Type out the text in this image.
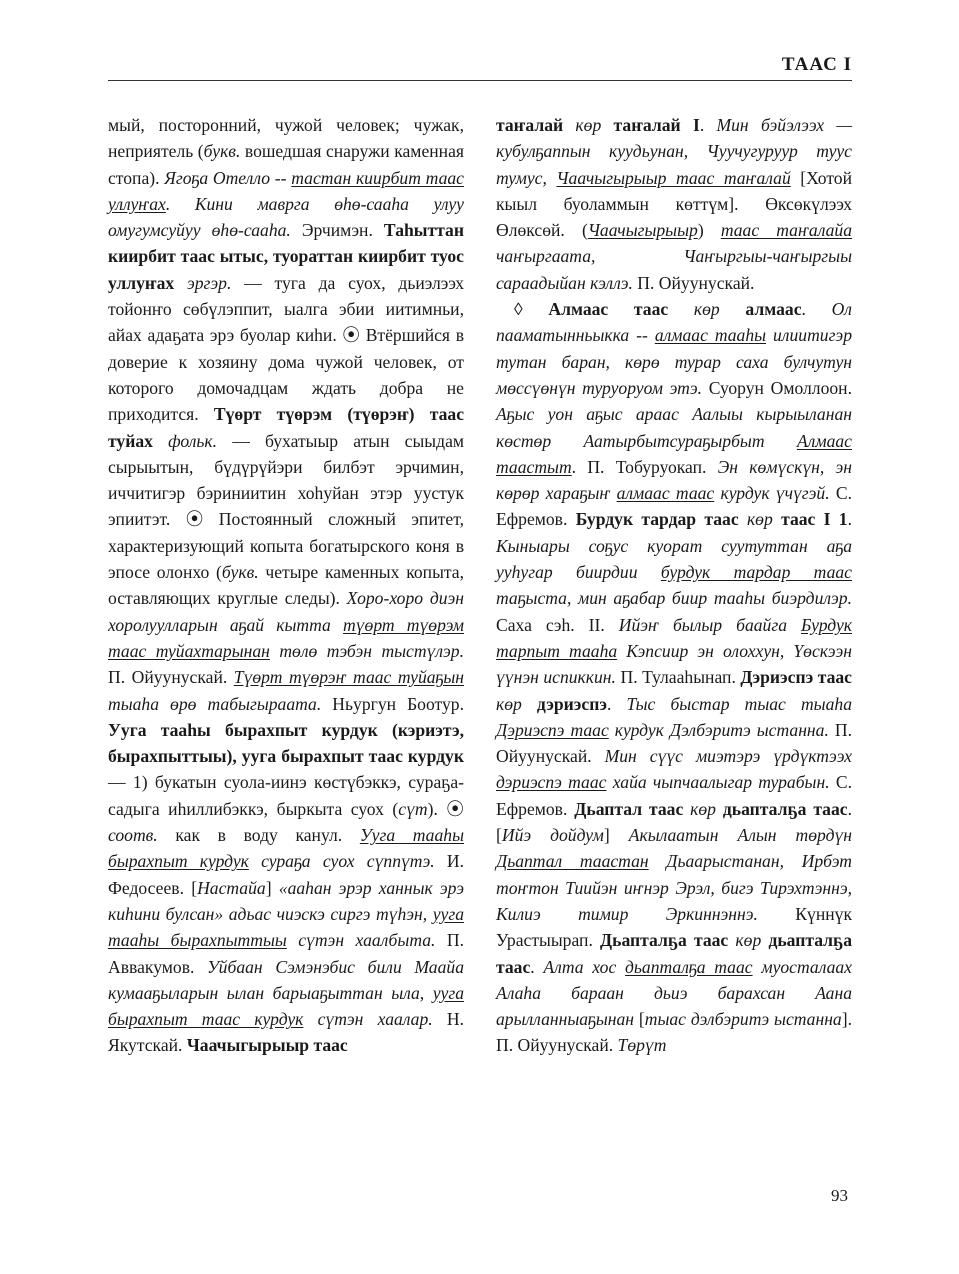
ТААС I

мый, посторонний, чужой человек; чужак, неприятель (букв. вошедшая снаружи каменная стопа). Ягоҕа Отелло -- тастан киирбит таас уллуҥах. Кини маврга өһө-сааһа улуу омугумсуйуу өһө-сааһа. Эрчимэн. Таһыттан киирбит таас ытыс, туораттан киирбит туос уллуҥах эргэр. — туга да суох, дьиэлээх тойонҥо сөбүлэппит, ыалга эбии иитимньи, айах адаҕата эрэ буолар киһи. ⦿ Втёршийся в доверие к хозяину дома чужой человек, от которого домочадцам ждать добра не приходится. Түөрт түөрэм (түөрэҥ) таас туйах фольк. — бухатыыр атын сыыдам сырыытын, бүдүрүйэри билбэт эрчимин, иччитигэр бэриниитин хоһуйан этэр уустук эпиитэт. ⦿ Постоянный сложный эпитет, характеризующий копыта богатырского коня в эпосе олонхо (букв. четыре каменных копыта, оставляющих круглые следы). Хоро-хоро диэн хоролуулларын аҕай кытта түөрт түөрэм таас туйахтарынан төлө тэбэн тыстүлэр. П. Ойуунускай. Түөрт түөрэҥ таас туйаҕын тыаһа өрө табыгыраата. Ньургун Боотур. Ууга тааһы бырахпыт курдук (кэриэтэ, бырахпыттыы), ууга бырахпыт таас курдук — 1) букатын суола-иинэ көстүбэккэ, сураҕа-садыга иһиллибэккэ, быркыта суох (сүт). ⦿ соотв. как в воду канул. Ууга тааһы бырахпыт курдук сураҕа суох сүппүтэ. И. Федосеев. [Настайа] «ааһан эрэр ханнык эрэ киһини булсан» адьас чиэскэ сиргэ түһэн, ууга тааһы бырахпыттыы сүтэн хаалбыта. П. Аввакумов. Уйбаан Сэмэнэбис били Маайа кумааҕыларын ылан барыаҕыттан ыла, ууга бырахпыт таас курдук сүтэн хаалар. Н. Якутскай. Чаачыгырыыр таас

таҥалай көр таҥалай I. Мин бэйэлээх — кубулҕаппын куудьунан, Чуучугуруур туус тумус, Чаачыгырыыр таас таҥалай [Хотой кыыл буоламмын көттүм]. Өксөкүлээх Өлөксөй. (Чаачыгырыыр) таас таҥалайа чаҥыргаата, Чаҥыргыы-чаҥыргыы сараадыйан кэллэ. П. Ойуунускай.

◊ Алмаас таас көр алмаас. Ол пааматынньыкка -- алмаас тааһы илиитигэр тутан баран, көрө турар саха булчутун мөссүөнүн туруоруом этэ. Суорун Омоллоон. Аҕыс уон аҕыс араас Аалыы кырыыланан көстөр Аатырбытсураҕырбыт Алмаас таастыт. П. Тобуруокап. Эн көмүскүн, эн көрөр хараҕыҥ алмаас таас курдук үчүгэй. С. Ефремов. Бурдук тардар таас көр таас I 1. Кыныары соҕус куорат суутуттан аҕа ууһугар биирдии бурдук тардар таас таҕыста, мин аҕабар биир тааһы биэрдилэр. Саха сэһ. II. Ийэҥ былыр баайга Бурдук тарпыт тааһа Кэпсиир эн олоххун, Үөскээн үүнэн испиккин. П. Тулааһынап. Дэриэспэ таас көр дэриэспэ. Тыс быстар тыас тыаһа Дэриэспэ таас курдук Дэлбэритэ ыстанна. П. Ойуунускай. Мин сүүс миэтэрэ үрдүктээх дэриэспэ таас хайа чыпчаалыгар турабын. С. Ефремов. Дьаптал таас көр дьапталҕа таас. [Ийэ дойдум] Акылаатын Алын төрдүн Дьаптал таастан Дьаарыстанан, Ирбэт тоҥтон Тиийэн иҥнэр Эрэл, бигэ Тирэхтэннэ, Килиэ тимир Эркиннэннэ. Күннүк Урастыырап. Дьапталҕа таас көр дьапталҕа таас. Алта хос дьапталҕа таас муосталаах Алаһа бараан дьиэ барахсан Аана арылланныаҕынан [тыас дэлбэритэ ыстанна]. П. Ойуунускай. Төрүт

93
